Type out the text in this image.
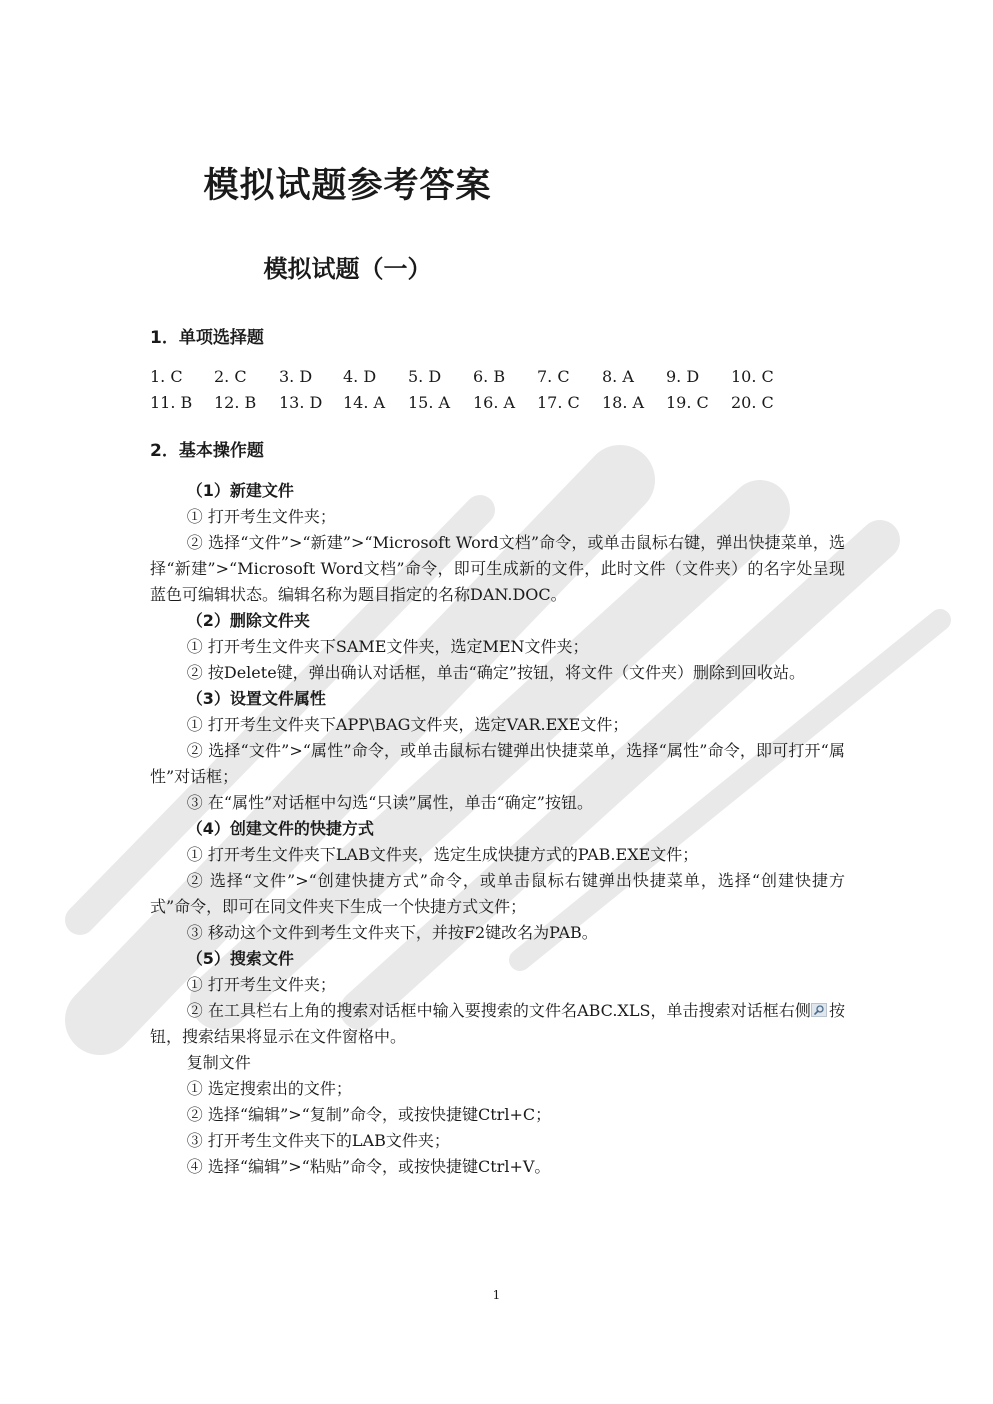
模拟试题参考答案
模拟试题（一）
1．单项选择题
1. C 2. C 3. D 4. D 5. D 6. B 7. C 8. A 9. D 10. C
11. B 12. B 13. D 14. A 15. A 16. A 17. C 18. A 19. C 20. C
2．基本操作题

（1）新建文件

① 打开考生文件夹；

② 选择“文件”>“新建”>“Microsoft Word文档”命令，或单击鼠标右键，弹出快捷菜单，选择“新建”>“Microsoft Word文档”命令，即可生成新的文件，此时文件（文件夹）的名字处呈现蓝色可编辑状态。编辑名称为题目指定的名称DAN.DOC。

（2）删除文件夹

① 打开考生文件夹下SAME文件夹，选定MEN文件夹；

② 按Delete键，弹出确认对话框，单击“确定”按钮，将文件（文件夹）删除到回收站。

（3）设置文件属性

① 打开考生文件夹下APP\BAG文件夹，选定VAR.EXE文件；

② 选择“文件”>“属性”命令，或单击鼠标右键弹出快捷菜单，选择“属性”命令，即可打开“属性”对话框；

③ 在“属性”对话框中勾选“只读”属性，单击“确定”按钮。

（4）创建文件的快捷方式

① 打开考生文件夹下LAB文件夹，选定生成快捷方式的PAB.EXE文件；

② 选择“文件”>“创建快捷方式”命令，或单击鼠标右键弹出快捷菜单，选择“创建快捷方式”命令，即可在同文件夹下生成一个快捷方式文件；

③ 移动这个文件到考生文件夹下，并按F2键改名为PAB。

（5）搜索文件

① 打开考生文件夹；

② 在工具栏右上角的搜索对话框中输入要搜索的文件名ABC.XLS，单击搜索对话框右侧 按钮，搜索结果将显示在文件窗格中。

复制文件

① 选定搜索出的文件；

② 选择“编辑”>“复制”命令，或按快捷键Ctrl+C；

③ 打开考生文件夹下的LAB文件夹；

④ 选择“编辑”>“粘贴”命令，或按快捷键Ctrl+V。

1
